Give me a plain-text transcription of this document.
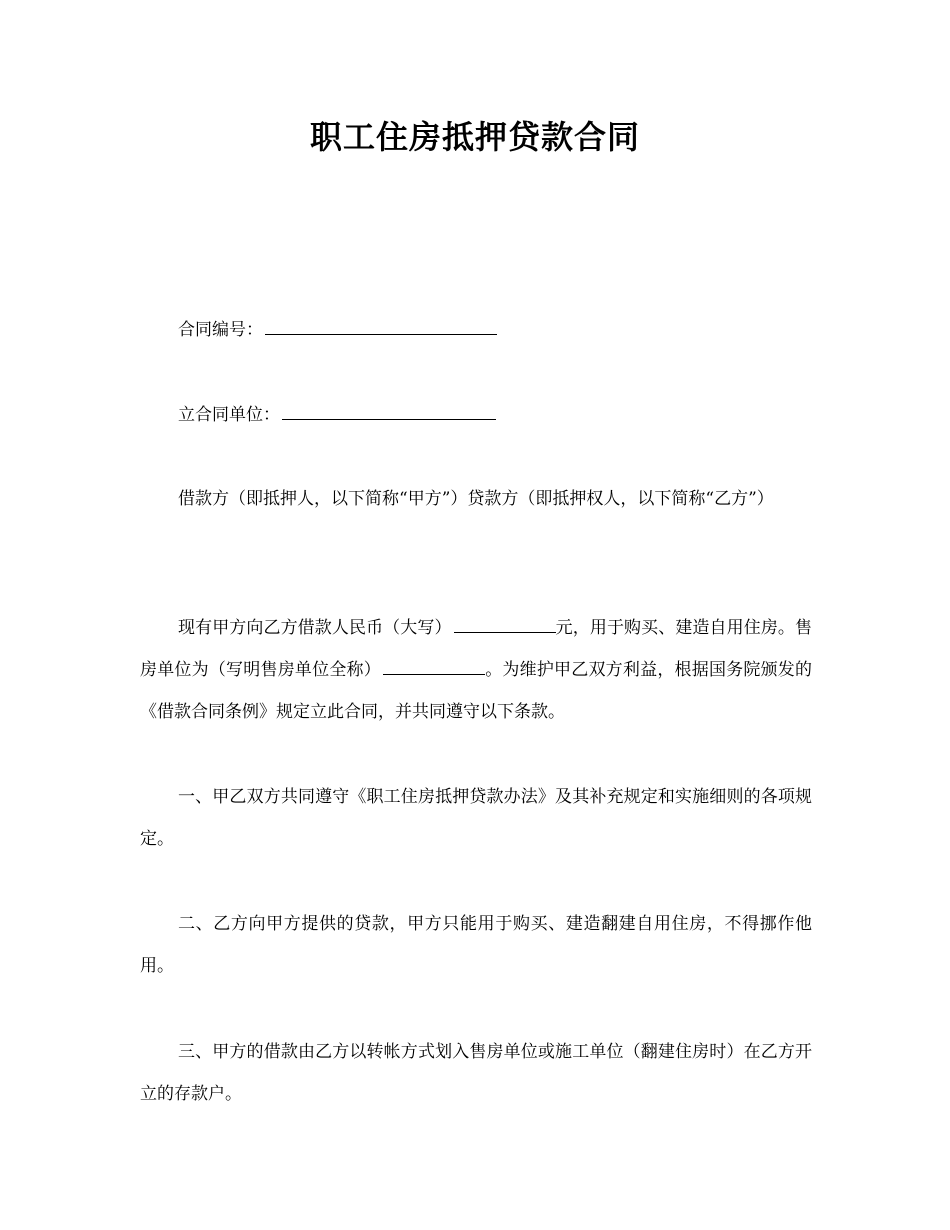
职工住房抵押贷款合同

合同编号：

立合同单位：

借款方（即抵押人，以下简称“甲方”）贷款方（即抵押权人，以下简称“乙方”）

现有甲方向乙方借款人民币（大写）	元，用于购买、建造自用住房。售房单位为（写明售房单位全称）	。为维护甲乙双方利益，根据国务院颁发的《借款合同条例》规定立此合同，并共同遵守以下条款。

一、甲乙双方共同遵守《职工住房抵押贷款办法》及其补充规定和实施细则的各项规定。

二、乙方向甲方提供的贷款，甲方只能用于购买、建造翻建自用住房，不得挪作他用。

三、甲方的借款由乙方以转帐方式划入售房单位或施工单位（翻建住房时）在乙方开立的存款户。
